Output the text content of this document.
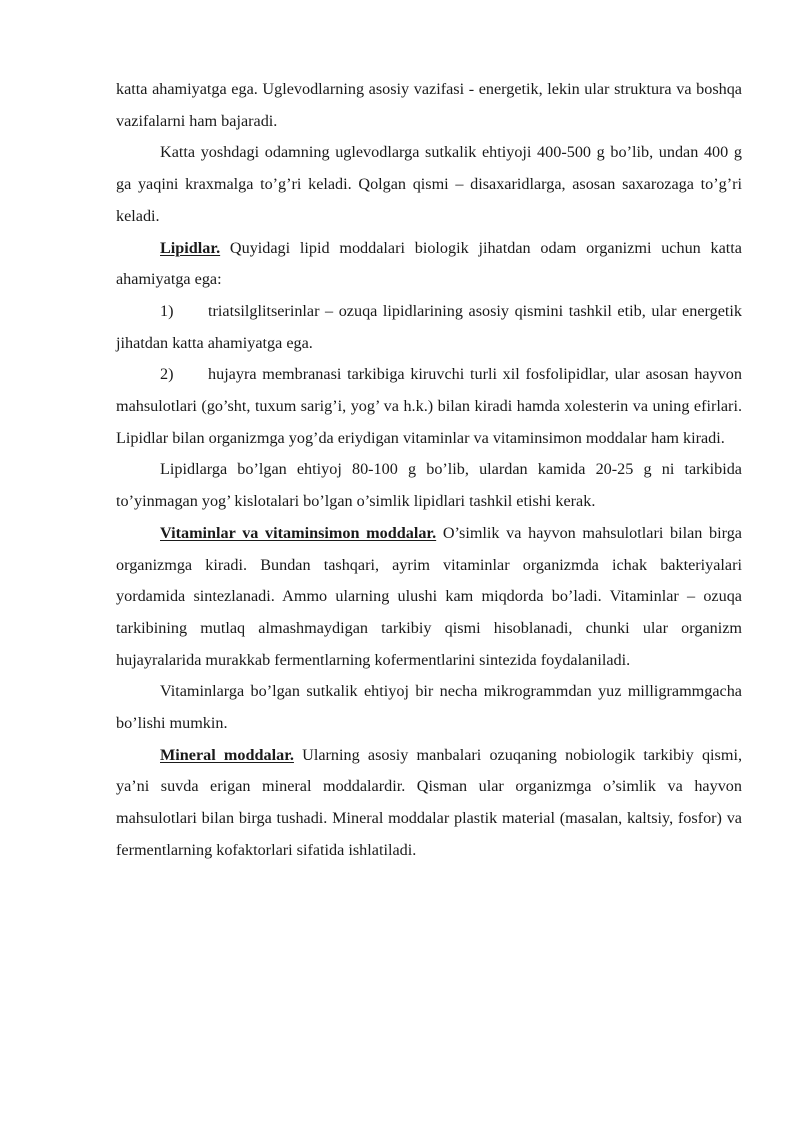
katta ahamiyatga ega. Uglevodlarning asosiy vazifasi - energetik, lekin ular struktura va boshqa vazifalarni ham bajaradi.

Katta yoshdagi odamning uglevodlarga sutkalik ehtiyoji 400-500 g bo’lib, undan 400 g ga yaqini kraxmalga to’g’ri keladi. Qolgan qismi – disaxaridlarga, asosan saxarozaga to’g’ri keladi.

Lipidlar. Quyidagi lipid moddalari biologik jihatdan odam organizmi uchun katta ahamiyatga ega:

1) triatsilglitserinlar – ozuqa lipidlarining asosiy qismini tashkil etib, ular energetik jihatdan katta ahamiyatga ega.

2) hujayra membranasi tarkibiga kiruvchi turli xil fosfolipidlar, ular asosan hayvon mahsulotlari (go’sht, tuxum sarig’i, yog’ va h.k.) bilan kiradi hamda xolesterin va uning efirlari. Lipidlar bilan organizmga yog’da eriydigan vitaminlar va vitaminsimon moddalar ham kiradi.

Lipidlarga bo’lgan ehtiyoj 80-100 g bo’lib, ulardan kamida 20-25 g ni tarkibida to’yinmagan yog’ kislotalari bo’lgan o’simlik lipidlari tashkil etishi kerak.

Vitaminlar va vitaminsimon moddalar. O’simlik va hayvon mahsulotlari bilan birga organizmga kiradi. Bundan tashqari, ayrim vitaminlar organizmda ichak bakteriyalari yordamida sintezlanadi. Ammo ularning ulushi kam miqdorda bo’ladi. Vitaminlar – ozuqa tarkibining mutlaq almashmaydigan tarkibiy qismi hisoblanadi, chunki ular organizm hujayralarida murakkab fermentlarning kofermentlarini sintezida foydalaniladi.

Vitaminlarga bo’lgan sutkalik ehtiyoj bir necha mikrogrammdan yuz milligrammgacha bo’lishi mumkin.

Mineral moddalar. Ularning asosiy manbalari ozuqaning nobiologik tarkibiy qismi, ya’ni suvda erigan mineral moddalardir. Qisman ular organizmga o’simlik va hayvon mahsulotlari bilan birga tushadi. Mineral moddalar plastik material (masalan, kaltsiy, fosfor) va fermentlarning kofaktorlari sifatida ishlatiladi.
